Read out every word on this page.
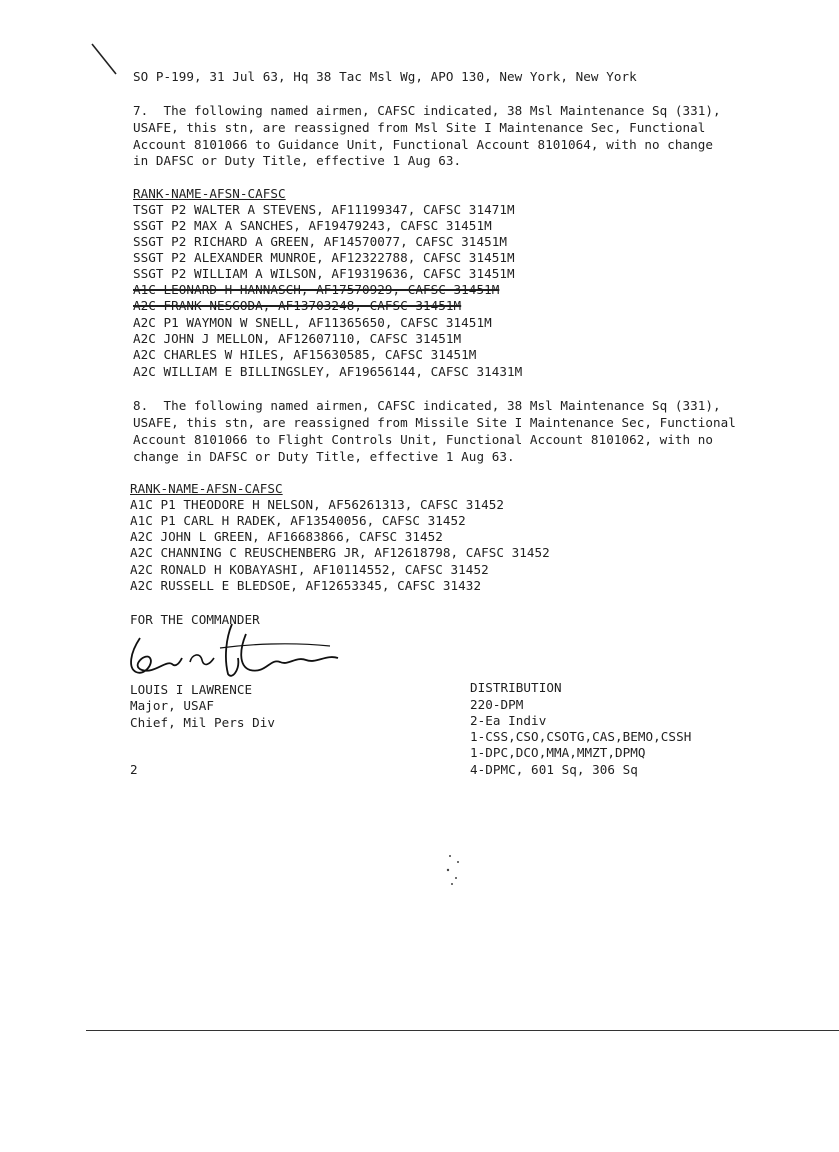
SO P-199, 31 Jul 63, Hq 38 Tac Msl Wg, APO 130, New York, New York
7.  The following named airmen, CAFSC indicated, 38 Msl Maintenance Sq (331),
USAFE, this stn, are reassigned from Msl Site I Maintenance Sec, Functional
Account 8101066 to Guidance Unit, Functional Account 8101064, with no change
in DAFSC or Duty Title, effective 1 Aug 63.
RANK-NAME-AFSN-CAFSC
TSGT P2 WALTER A STEVENS, AF11199347, CAFSC 31471M
SSGT P2 MAX A SANCHES, AF19479243, CAFSC 31451M
SSGT P2 RICHARD A GREEN, AF14570077, CAFSC 31451M
SSGT P2 ALEXANDER MUNROE, AF12322788, CAFSC 31451M
SSGT P2 WILLIAM A WILSON, AF19319636, CAFSC 31451M
A1C LEONARD H HANNASCH, AF17570929, CAFSC 31451M
A2C FRANK NESGODA, AF13703248, CAFSC 31451M
A2C P1 WAYMON W SNELL, AF11365650, CAFSC 31451M
A2C JOHN J MELLON, AF12607110, CAFSC 31451M
A2C CHARLES W HILES, AF15630585, CAFSC 31451M
A2C WILLIAM E BILLINGSLEY, AF19656144, CAFSC 31431M
8.  The following named airmen, CAFSC indicated, 38 Msl Maintenance Sq (331),
USAFE, this stn, are reassigned from Missile Site I Maintenance Sec, Functional
Account 8101066 to Flight Controls Unit, Functional Account 8101062, with no
change in DAFSC or Duty Title, effective 1 Aug 63.
RANK-NAME-AFSN-CAFSC
A1C P1 THEODORE H NELSON, AF56261313, CAFSC 31452
A1C P1 CARL H RADEK, AF13540056, CAFSC 31452
A2C JOHN L GREEN, AF16683866, CAFSC 31452
A2C CHANNING C REUSCHENBERG JR, AF12618798, CAFSC 31452
A2C RONALD H KOBAYASHI, AF10114552, CAFSC 31452
A2C RUSSELL E BLEDSOE, AF12653345, CAFSC 31432
FOR THE COMMANDER
LOUIS I LAWRENCE
Major, USAF
Chief, Mil Pers Div
DISTRIBUTION
220-DPM
2-Ea Indiv
1-CSS,CSO,CSOTG,CAS,BEMO,CSSH
1-DPC,DCO,MMA,MMZT,DPMQ
4-DPMC, 601 Sq, 306 Sq
2
